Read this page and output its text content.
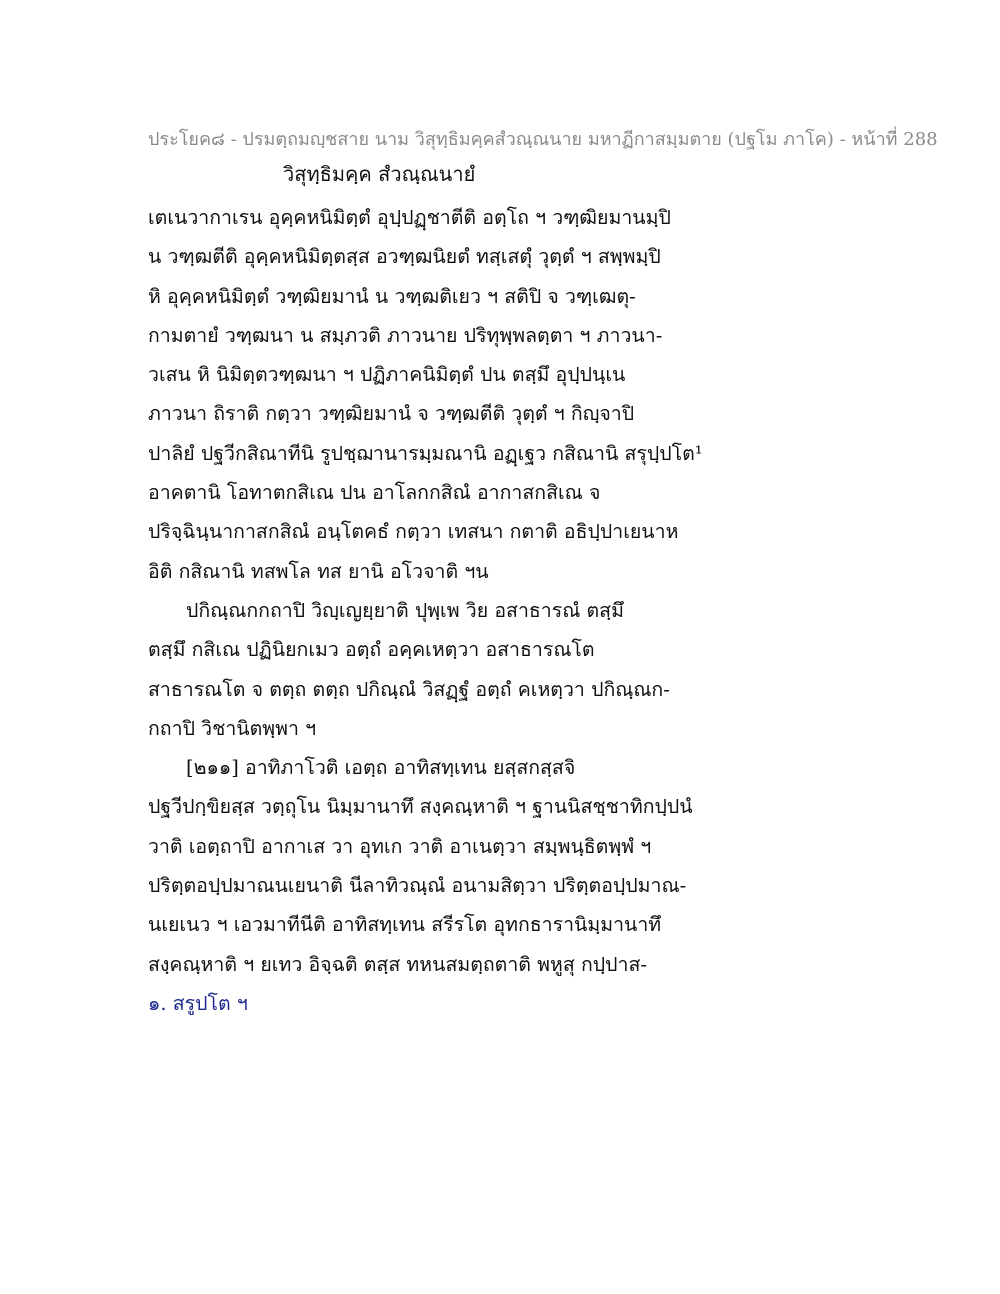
ประโยค๘ - ปรมตฺถมญฺชสาย นาม วิสุทฺธิมคฺคสํวณฺณนาย มหาฏีกาสมฺมตาย (ปฐโม ภาโค) - หน้าที่ 288
วิสุทฺธิมคฺค สํวณฺณนายํ
เตเนวากาเรน อุคฺคหนิมิตฺตํ อุปฺปฏฺชาตีติ อตฺโถ ฯ วฑฺฒิยมานมฺปิ
น วฑฺฒตีติ อุคฺคหนิมิตฺตสฺส อวฑฺฒนิยตํ ทสฺเสตุํ วุตฺตํ ฯ สพฺพมฺปิ
หิ อุคฺคหนิมิตฺตํ วฑฺฒิยมานํ น วฑฺฒติเยว ฯ สติปิ จ วฑฺเฒตุ-
กามตายํ วฑฺฒนา น สมฺภวติ ภาวนาย ปริทุพฺพลตฺตา ฯ ภาวนา-
วเสน หิ นิมิตฺตวฑฺฒนา ฯ ปฏิภาคนิมิตฺตํ ปน ตสฺมึ อุปฺปนฺเน
ภาวนา ถิราติ กตฺวา วฑฺฒิยมานํ จ วฑฺฒตีติ วุตฺตํ ฯ กิญฺจาปิ
ปาลิยํ ปฐวีกสิณาทีนิ รูปชฺฌานารมฺมณานิ อฏฺเฐว กสิณานิ สรุปฺปโต¹
อาคตานิ โอทาตกสิเณ ปน อาโลกกสิณํ อากาสกสิเณ จ
ปริจฺฉินฺนากาสกสิณํ อนฺโตคธํ กตฺวา เทสนา กตาติ อธิปฺปาเยนาห
อิติ กสิณานิ ทสพโล ทส ยานิ อโวจาติ ฯน
ปกิณฺณกกถาปิ วิญฺเญยฺยาติ ปุพฺเพ วิย อสาธารณํ ตสฺมึ
ตสฺมึ กสิเณ ปฏินิยกเมว อตฺถํ อคฺคเหตฺวา อสาธารณโต
สาธารณโต จ ตตฺถ ตตฺถ ปกิณฺณํ วิสฏฺฐํ อตฺถํ คเหตฺวา ปกิณฺณก-
กถาปิ วิชานิตพฺพา ฯ
[๒๑๑] อาทิภาโวติ เอตฺถ อาทิสทฺเทน ยสฺสกสฺสจิ
ปฐวีปกฺขิยสฺส วตฺถุโน นิมฺมานาทึ สงฺคณฺหาติ ฯ ฐานนิสชฺชาทิกปฺปนํ
วาติ เอตฺถาปิ อากาเส วา อุทเก วาติ อาเนตฺวา สมฺพนฺธิตพฺพํ ฯ
ปริตฺตอปฺปมาณนเยนาติ นีลาทิวณฺณํ อนามสิตฺวา ปริตฺตอปฺปมาณ-
นเยเนว ฯ เอวมาทีนีติ อาทิสทฺเทน สรีรโต อุทกธารานิมฺมานาทึ
สงฺคณฺหาติ ฯ ยเทว อิจฺฉติ ตสฺส ทหนสมตฺถตาติ พหูสุ กปฺปาส-
๑. สรูปโต ฯ
